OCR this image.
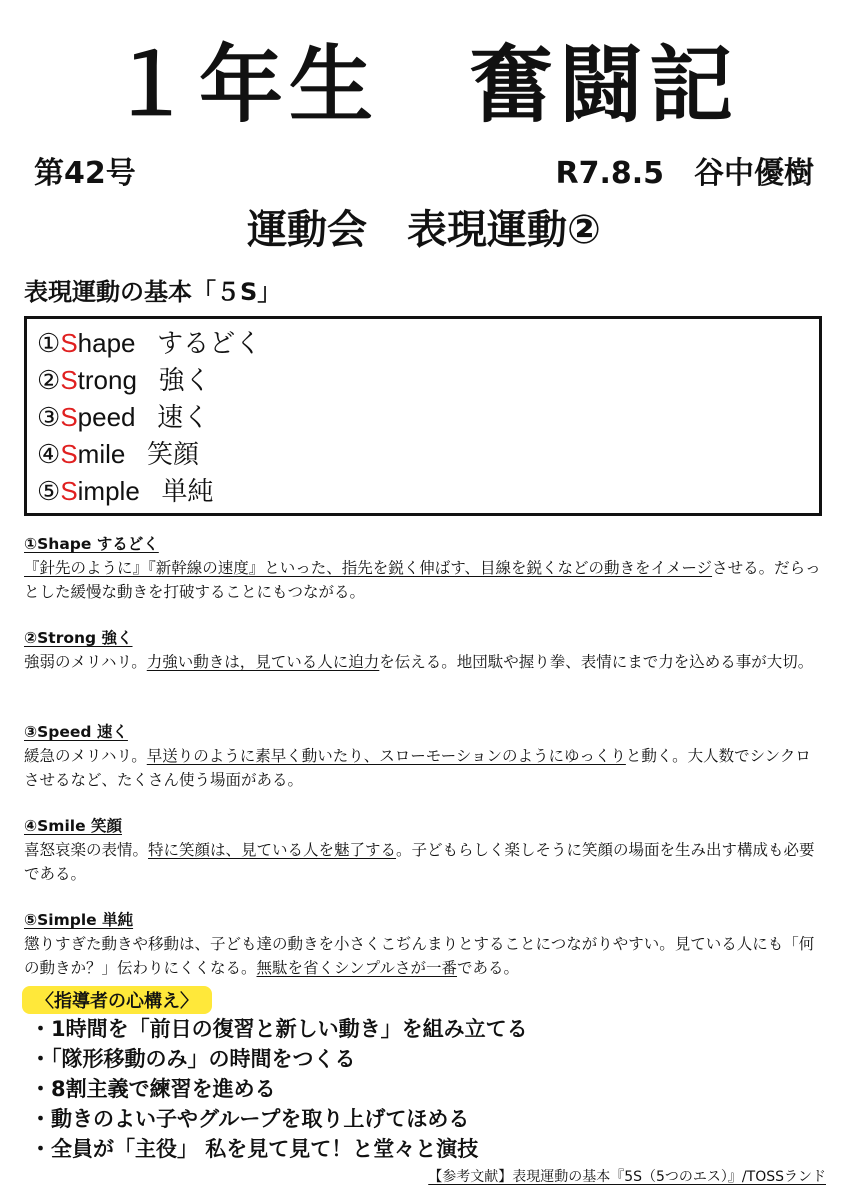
１年生　奮闘記
第42号	R7.8.5　谷中優樹
運動会　表現運動②
表現運動の基本「５S」
①Shape するどく
②Strong 強く
③Speed 速く
④Smile 笑顔
⑤Simple 単純
①Shape するどく

『針先のように』『新幹線の速度』といった、指先を鋭く伸ばす、目線を鋭くなどの動きをイメージさせる。だらっとした緩慢な動きを打破することにもつながる。

②Strong 強く

強弱のメリハリ。力強い動きは，見ている人に迫力を伝える。地団駄や握り拳、表情にまで力を込める事が大切。

③Speed 速く

緩急のメリハリ。早送りのように素早く動いたり、スローモーションのようにゆっくりと動く。大人数でシンクロさせるなど、たくさん使う場面がある。

④Smile 笑顔

喜怒哀楽の表情。特に笑顔は、見ている人を魅了する。子どもらしく楽しそうに笑顔の場面を生み出す構成も必要である。

⑤Simple 単純

懲りすぎた動きや移動は、子ども達の動きを小さくこぢんまりとすることにつながりやすい。見ている人にも「何の動きか？」伝わりにくくなる。無駄を省くシンプルさが一番である。

〈指導者の心構え〉
・1時間を「前日の復習と新しい動き」を組み立てる
・「隊形移動のみ」の時間をつくる
・8割主義で練習を進める
・動きのよい子やグループを取り上げてほめる
・全員が「主役」 私を見て見て！と堂々と演技
【参考文献】表現運動の基本『5S（5つのエス）』/TOSSランド
